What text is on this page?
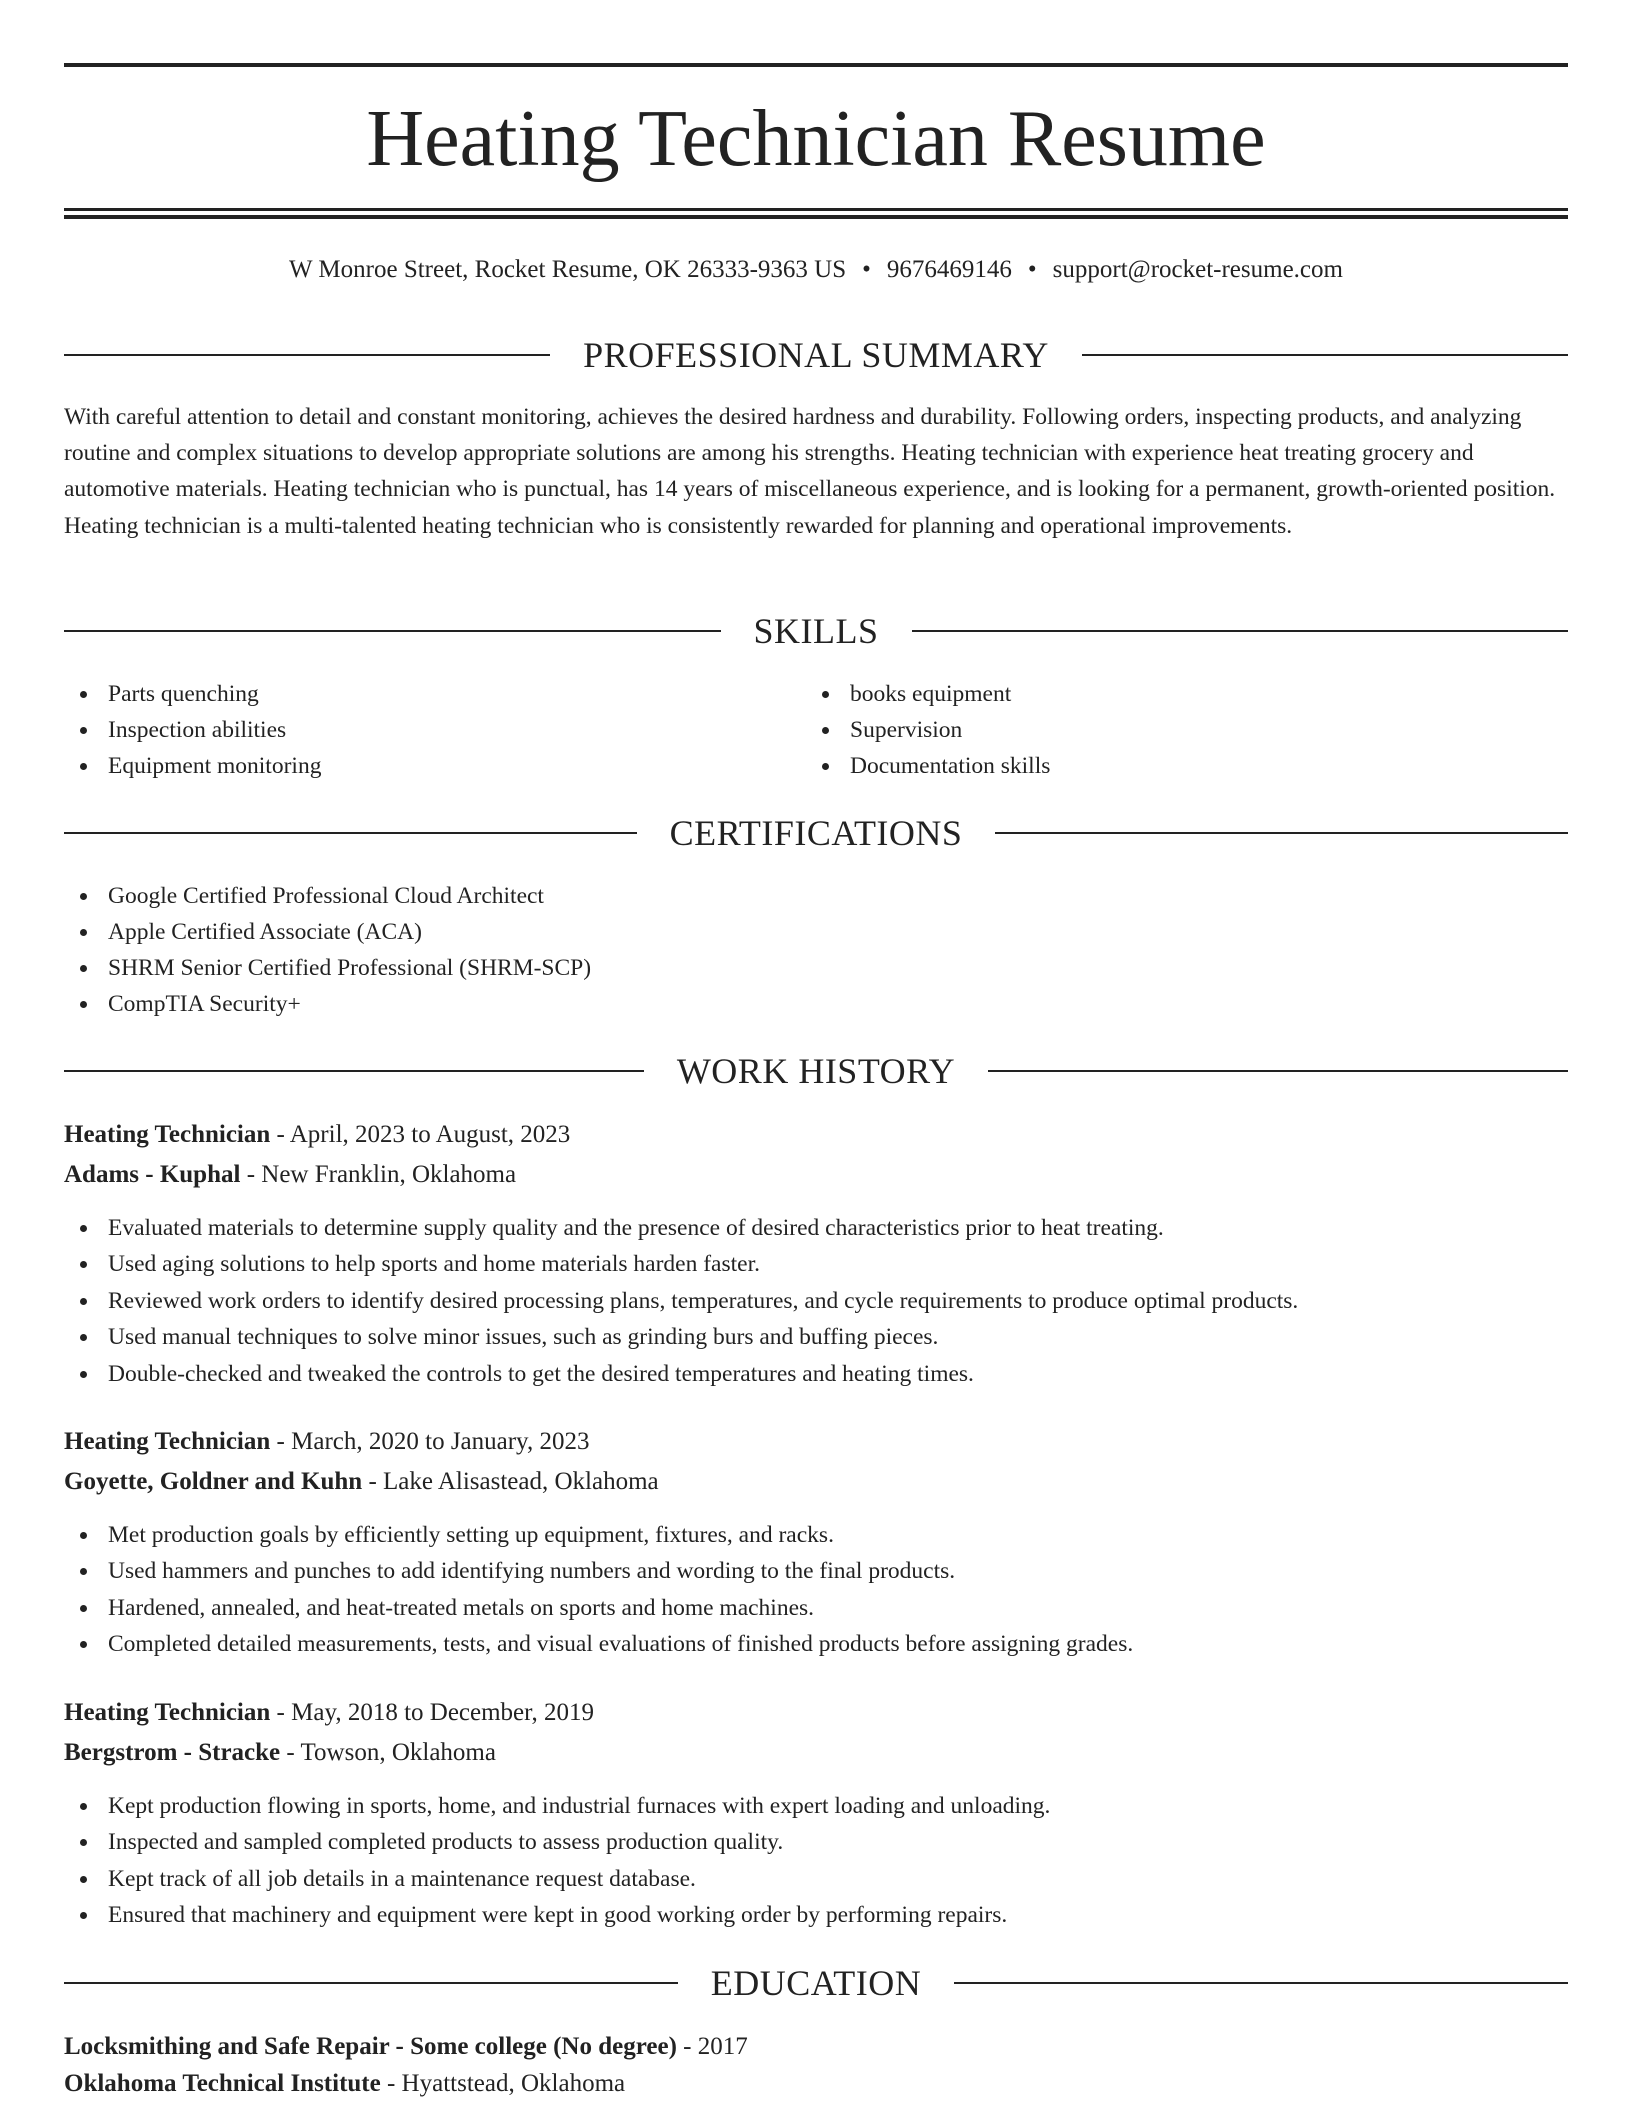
Heating Technician Resume
W Monroe Street, Rocket Resume, OK 26333-9363 US • 9676469146 • support@rocket-resume.com
PROFESSIONAL SUMMARY

With careful attention to detail and constant monitoring, achieves the desired hardness and durability. Following orders, inspecting products, and analyzing routine and complex situations to develop appropriate solutions are among his strengths. Heating technician with experience heat treating grocery and automotive materials. Heating technician who is punctual, has 14 years of miscellaneous experience, and is looking for a permanent, growth-oriented position. Heating technician is a multi-talented heating technician who is consistently rewarded for planning and operational improvements.

SKILLS
Parts quenching
Inspection abilities
Equipment monitoring
books equipment
Supervision
Documentation skills
CERTIFICATIONS
Google Certified Professional Cloud Architect
Apple Certified Associate (ACA)
SHRM Senior Certified Professional (SHRM-SCP)
CompTIA Security+
WORK HISTORY
Heating Technician - April, 2023 to August, 2023
Adams - Kuphal - New Franklin, Oklahoma
Evaluated materials to determine supply quality and the presence of desired characteristics prior to heat treating.
Used aging solutions to help sports and home materials harden faster.
Reviewed work orders to identify desired processing plans, temperatures, and cycle requirements to produce optimal products.
Used manual techniques to solve minor issues, such as grinding burs and buffing pieces.
Double-checked and tweaked the controls to get the desired temperatures and heating times.
Heating Technician - March, 2020 to January, 2023
Goyette, Goldner and Kuhn - Lake Alisastead, Oklahoma
Met production goals by efficiently setting up equipment, fixtures, and racks.
Used hammers and punches to add identifying numbers and wording to the final products.
Hardened, annealed, and heat-treated metals on sports and home machines.
Completed detailed measurements, tests, and visual evaluations of finished products before assigning grades.
Heating Technician - May, 2018 to December, 2019
Bergstrom - Stracke - Towson, Oklahoma
Kept production flowing in sports, home, and industrial furnaces with expert loading and unloading.
Inspected and sampled completed products to assess production quality.
Kept track of all job details in a maintenance request database.
Ensured that machinery and equipment were kept in good working order by performing repairs.
EDUCATION
Locksmithing and Safe Repair - Some college (No degree) - 2017
Oklahoma Technical Institute - Hyattstead, Oklahoma
